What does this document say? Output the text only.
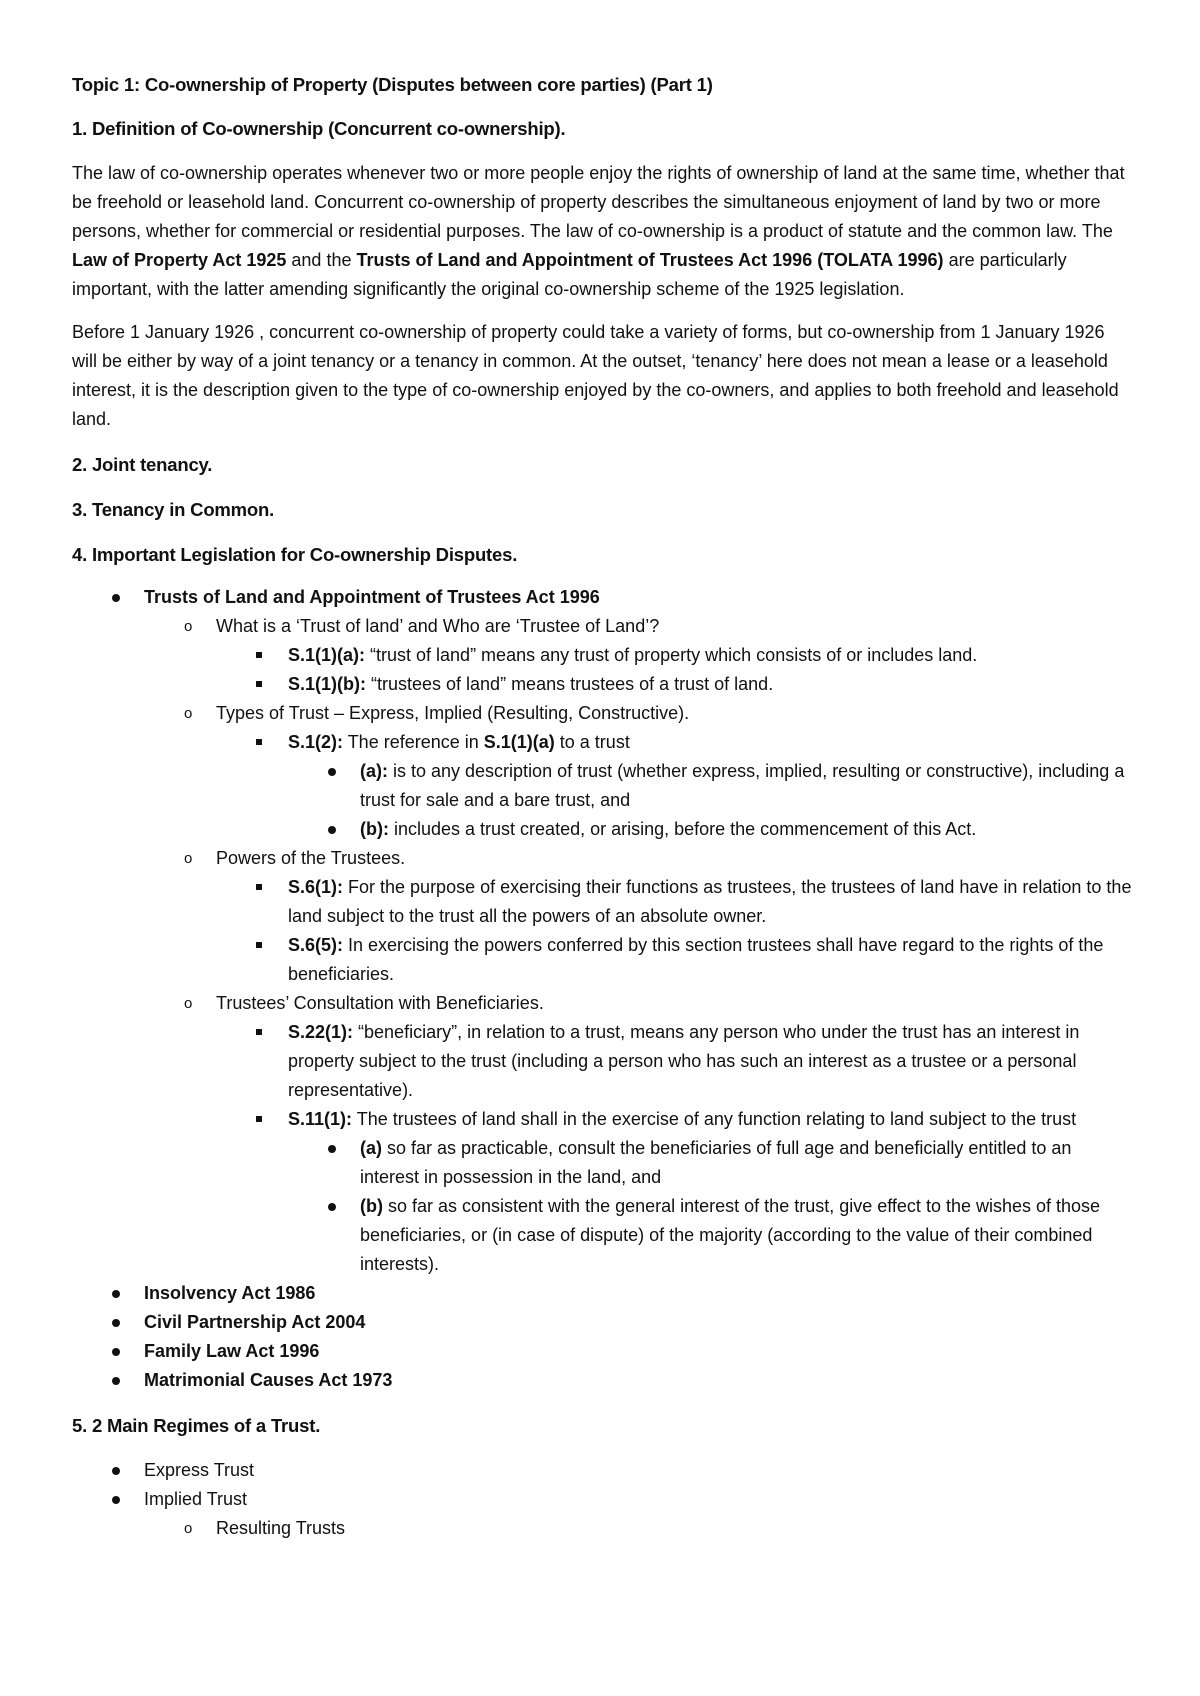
Topic 1: Co-ownership of Property (Disputes between core parties) (Part 1)
1. Definition of Co-ownership (Concurrent co-ownership).

The law of co-ownership operates whenever two or more people enjoy the rights of ownership of land at the same time, whether that be freehold or leasehold land. Concurrent co-ownership of property describes the simultaneous enjoyment of land by two or more persons, whether for commercial or residential purposes. The law of co-ownership is a product of statute and the common law. The Law of Property Act 1925 and the Trusts of Land and Appointment of Trustees Act 1996 (TOLATA 1996) are particularly important, with the latter amending significantly the original co-ownership scheme of the 1925 legislation.

Before 1 January 1926 , concurrent co-ownership of property could take a variety of forms, but co-ownership from 1 January 1926 will be either by way of a joint tenancy or a tenancy in common. At the outset, ‘tenancy’ here does not mean a lease or a leasehold interest, it is the description given to the type of co-ownership enjoyed by the co-owners, and applies to both freehold and leasehold land.

2. Joint tenancy.
3. Tenancy in Common.
4. Important Legislation for Co-ownership Disputes.
Trusts of Land and Appointment of Trustees Act 1996
o What is a ‘Trust of land’ and Who are ‘Trustee of Land’?
S.1(1)(a): “trust of land” means any trust of property which consists of or includes land.
S.1(1)(b): “trustees of land” means trustees of a trust of land.
o Types of Trust – Express, Implied (Resulting, Constructive).
S.1(2): The reference in S.1(1)(a) to a trust
(a): is to any description of trust (whether express, implied, resulting or constructive), including a trust for sale and a bare trust, and
(b): includes a trust created, or arising, before the commencement of this Act.
o Powers of the Trustees.
S.6(1): For the purpose of exercising their functions as trustees, the trustees of land have in relation to the land subject to the trust all the powers of an absolute owner.
S.6(5): In exercising the powers conferred by this section trustees shall have regard to the rights of the beneficiaries.
o Trustees’ Consultation with Beneficiaries.
S.22(1): “beneficiary”, in relation to a trust, means any person who under the trust has an interest in property subject to the trust (including a person who has such an interest as a trustee or a personal representative).
S.11(1): The trustees of land shall in the exercise of any function relating to land subject to the trust
(a) so far as practicable, consult the beneficiaries of full age and beneficially entitled to an interest in possession in the land, and
(b) so far as consistent with the general interest of the trust, give effect to the wishes of those beneficiaries, or (in case of dispute) of the majority (according to the value of their combined interests).
Insolvency Act 1986
Civil Partnership Act 2004
Family Law Act 1996
Matrimonial Causes Act 1973
5. 2 Main Regimes of a Trust.
Express Trust
Implied Trust
o Resulting Trusts
